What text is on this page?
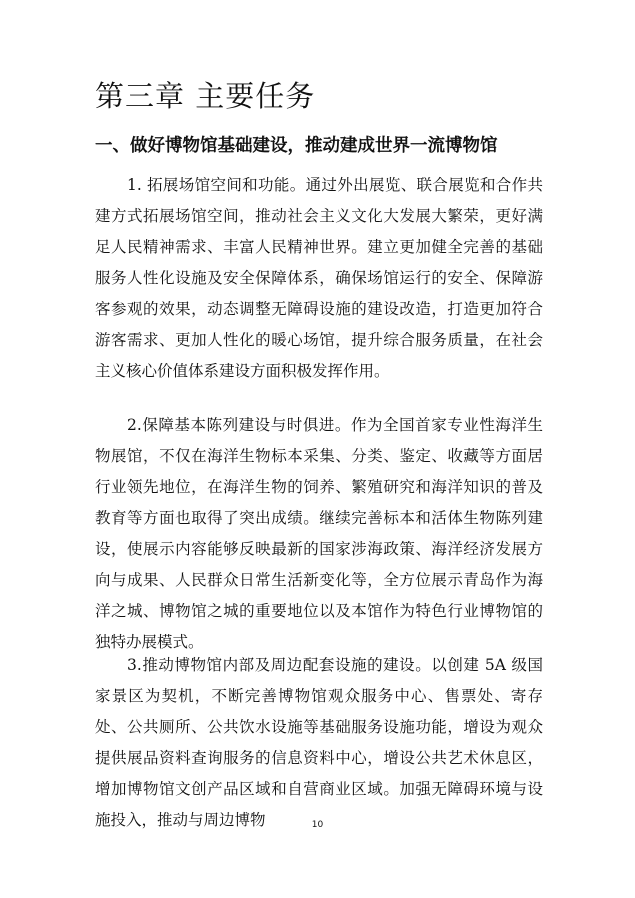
第三章 主要任务
一、做好博物馆基础建设，推动建成世界一流博物馆

1. 拓展场馆空间和功能。通过外出展览、联合展览和合作共建方式拓展场馆空间，推动社会主义文化大发展大繁荣，更好满足人民精神需求、丰富人民精神世界。建立更加健全完善的基础服务人性化设施及安全保障体系，确保场馆运行的安全、保障游客参观的效果，动态调整无障碍设施的建设改造，打造更加符合游客需求、更加人性化的暖心场馆，提升综合服务质量，在社会主义核心价值体系建设方面积极发挥作用。

2.保障基本陈列建设与时俱进。作为全国首家专业性海洋生物展馆，不仅在海洋生物标本采集、分类、鉴定、收藏等方面居行业领先地位，在海洋生物的饲养、繁殖研究和海洋知识的普及教育等方面也取得了突出成绩。继续完善标本和活体生物陈列建设，使展示内容能够反映最新的国家涉海政策、海洋经济发展方向与成果、人民群众日常生活新变化等，全方位展示青岛作为海洋之城、博物馆之城的重要地位以及本馆作为特色行业博物馆的独特办展模式。

3.推动博物馆内部及周边配套设施的建设。以创建 5A 级国家景区为契机，不断完善博物馆观众服务中心、售票处、寄存处、公共厕所、公共饮水设施等基础服务设施功能，增设为观众提供展品资料查询服务的信息资料中心，增设公共艺术休息区，增加博物馆文创产品区域和自营商业区域。加强无障碍环境与设施投入，推动与周边博物	10
